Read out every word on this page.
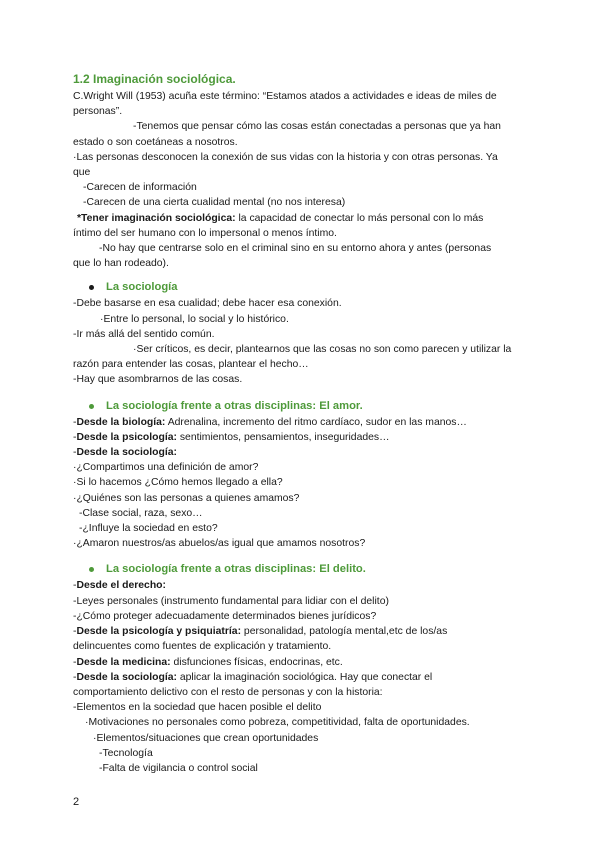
1.2 Imaginación sociológica.
C.Wright Will (1953) acuña este término: “Estamos atados a actividades e ideas de miles de
personas”.
-Tenemos que pensar cómo las cosas están conectadas a personas que ya han
estado o son coetáneas a nosotros.
·Las personas desconocen la conexión de sus vidas con la historia y con otras personas. Ya
que
-Carecen de información
-Carecen de una cierta cualidad mental (no nos interesa)
*Tener imaginación sociológica: la capacidad de conectar lo más personal con lo más
íntimo del ser humano con lo impersonal o menos íntimo.
-No hay que centrarse solo en el criminal sino en su entorno ahora y antes (personas
que lo han rodeado).
La sociología
-Debe basarse en esa cualidad; debe hacer esa conexión.
·Entre lo personal, lo social y lo histórico.
-Ir más allá del sentido común.
·Ser críticos, es decir, plantearnos que las cosas no son como parecen y utilizar la
razón para entender las cosas, plantear el hecho…
-Hay que asombrarnos de las cosas.
La sociología frente a otras disciplinas: El amor.
-Desde la biología: Adrenalina, incremento del ritmo cardíaco, sudor en las manos…
-Desde la psicología: sentimientos, pensamientos, inseguridades…
-Desde la sociología:
·¿Compartimos una definición de amor?
·Si lo hacemos ¿Cómo hemos llegado a ella?
·¿Quiénes son las personas a quienes amamos?
-Clase social, raza, sexo…
-¿Influye la sociedad en esto?
·¿Amaron nuestros/as abuelos/as igual que amamos nosotros?
La sociología frente a otras disciplinas: El delito.
-Desde el derecho:
-Leyes personales (instrumento fundamental para lidiar con el delito)
-¿Cómo proteger adecuadamente determinados bienes jurídicos?
-Desde la psicología y psiquiatría: personalidad, patología mental,etc de los/as
delincuentes como fuentes de explicación y tratamiento.
-Desde la medicina: disfunciones físicas, endocrinas, etc.
-Desde la sociología: aplicar la imaginación sociológica. Hay que conectar el
comportamiento delictivo con el resto de personas y con la historia:
-Elementos en la sociedad que hacen posible el delito
·Motivaciones no personales como pobreza, competitividad, falta de oportunidades.
·Elementos/situaciones que crean oportunidades
-Tecnología
-Falta de vigilancia o control social
2
